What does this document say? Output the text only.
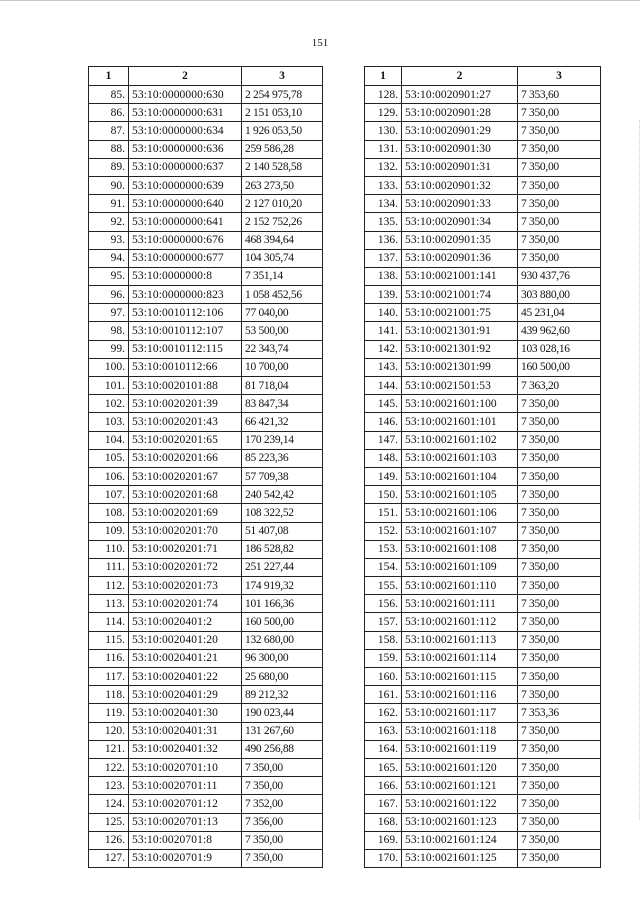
151
1	2	3
85.	53:10:0000000:630	2 254 975,78
86.	53:10:0000000:631	2 151 053,10
87.	53:10:0000000:634	1 926 053,50
88.	53:10:0000000:636	259 586,28
89.	53:10:0000000:637	2 140 528,58
90.	53:10:0000000:639	263 273,50
91.	53:10:0000000:640	2 127 010,20
92.	53:10:0000000:641	2 152 752,26
93.	53:10:0000000:676	468 394,64
94.	53:10:0000000:677	104 305,74
95.	53:10:0000000:8	7 351,14
96.	53:10:0000000:823	1 058 452,56
97.	53:10:0010112:106	77 040,00
98.	53:10:0010112:107	53 500,00
99.	53:10:0010112:115	22 343,74
100.	53:10:0010112:66	10 700,00
101.	53:10:0020101:88	81 718,04
102.	53:10:0020201:39	83 847,34
103.	53:10:0020201:43	66 421,32
104.	53:10:0020201:65	170 239,14
105.	53:10:0020201:66	85 223,36
106.	53:10:0020201:67	57 709,38
107.	53:10:0020201:68	240 542,42
108.	53:10:0020201:69	108 322,52
109.	53:10:0020201:70	51 407,08
110.	53:10:0020201:71	186 528,82
111.	53:10:0020201:72	251 227,44
112.	53:10:0020201:73	174 919,32
113.	53:10:0020201:74	101 166,36
114.	53:10:0020401:2	160 500,00
115.	53:10:0020401:20	132 680,00
116.	53:10:0020401:21	96 300,00
117.	53:10:0020401:22	25 680,00
118.	53:10:0020401:29	89 212,32
119.	53:10:0020401:30	190 023,44
120.	53:10:0020401:31	131 267,60
121.	53:10:0020401:32	490 256,88
122.	53:10:0020701:10	7 350,00
123.	53:10:0020701:11	7 350,00
124.	53:10:0020701:12	7 352,00
125.	53:10:0020701:13	7 356,00
126.	53:10:0020701:8	7 350,00
127.	53:10:0020701:9	7 350,00
1	2	3
128.	53:10:0020901:27	7 353,60
129.	53:10:0020901:28	7 350,00
130.	53:10:0020901:29	7 350,00
131.	53:10:0020901:30	7 350,00
132.	53:10:0020901:31	7 350,00
133.	53:10:0020901:32	7 350,00
134.	53:10:0020901:33	7 350,00
135.	53:10:0020901:34	7 350,00
136.	53:10:0020901:35	7 350,00
137.	53:10:0020901:36	7 350,00
138.	53:10:0021001:141	930 437,76
139.	53:10:0021001:74	303 880,00
140.	53:10:0021001:75	45 231,04
141.	53:10:0021301:91	439 962,60
142.	53:10:0021301:92	103 028,16
143.	53:10:0021301:99	160 500,00
144.	53:10:0021501:53	7 363,20
145.	53:10:0021601:100	7 350,00
146.	53:10:0021601:101	7 350,00
147.	53:10:0021601:102	7 350,00
148.	53:10:0021601:103	7 350,00
149.	53:10:0021601:104	7 350,00
150.	53:10:0021601:105	7 350,00
151.	53:10:0021601:106	7 350,00
152.	53:10:0021601:107	7 350,00
153.	53:10:0021601:108	7 350,00
154.	53:10:0021601:109	7 350,00
155.	53:10:0021601:110	7 350,00
156.	53:10:0021601:111	7 350,00
157.	53:10:0021601:112	7 350,00
158.	53:10:0021601:113	7 350,00
159.	53:10:0021601:114	7 350,00
160.	53:10:0021601:115	7 350,00
161.	53:10:0021601:116	7 350,00
162.	53:10:0021601:117	7 353,36
163.	53:10:0021601:118	7 350,00
164.	53:10:0021601:119	7 350,00
165.	53:10:0021601:120	7 350,00
166.	53:10:0021601:121	7 350,00
167.	53:10:0021601:122	7 350,00
168.	53:10:0021601:123	7 350,00
169.	53:10:0021601:124	7 350,00
170.	53:10:0021601:125	7 350,00
